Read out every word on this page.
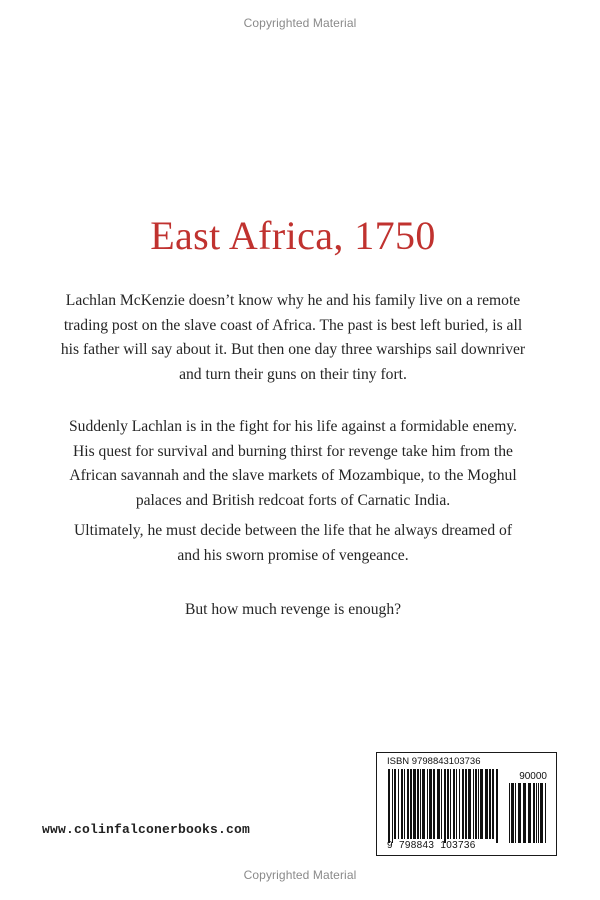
Copyrighted Material
East Africa, 1750

Lachlan McKenzie doesn’t know why he and his family live on a remote
trading post on the slave coast of Africa. The past is best left buried, is all
his father will say about it. But then one day three warships sail downriver
and turn their guns on their tiny fort.

Suddenly Lachlan is in the fight for his life against a formidable enemy.
His quest for survival and burning thirst for revenge take him from the
African savannah and the slave markets of Mozambique, to the Moghul
palaces and British redcoat forts of Carnatic India.

Ultimately, he must decide between the life that he always dreamed of
and his sworn promise of vengeance.

But how much revenge is enough?

www.colinfalconerbooks.com
ISBN 9798843103736
90000
9 798843 103736
Copyrighted Material
